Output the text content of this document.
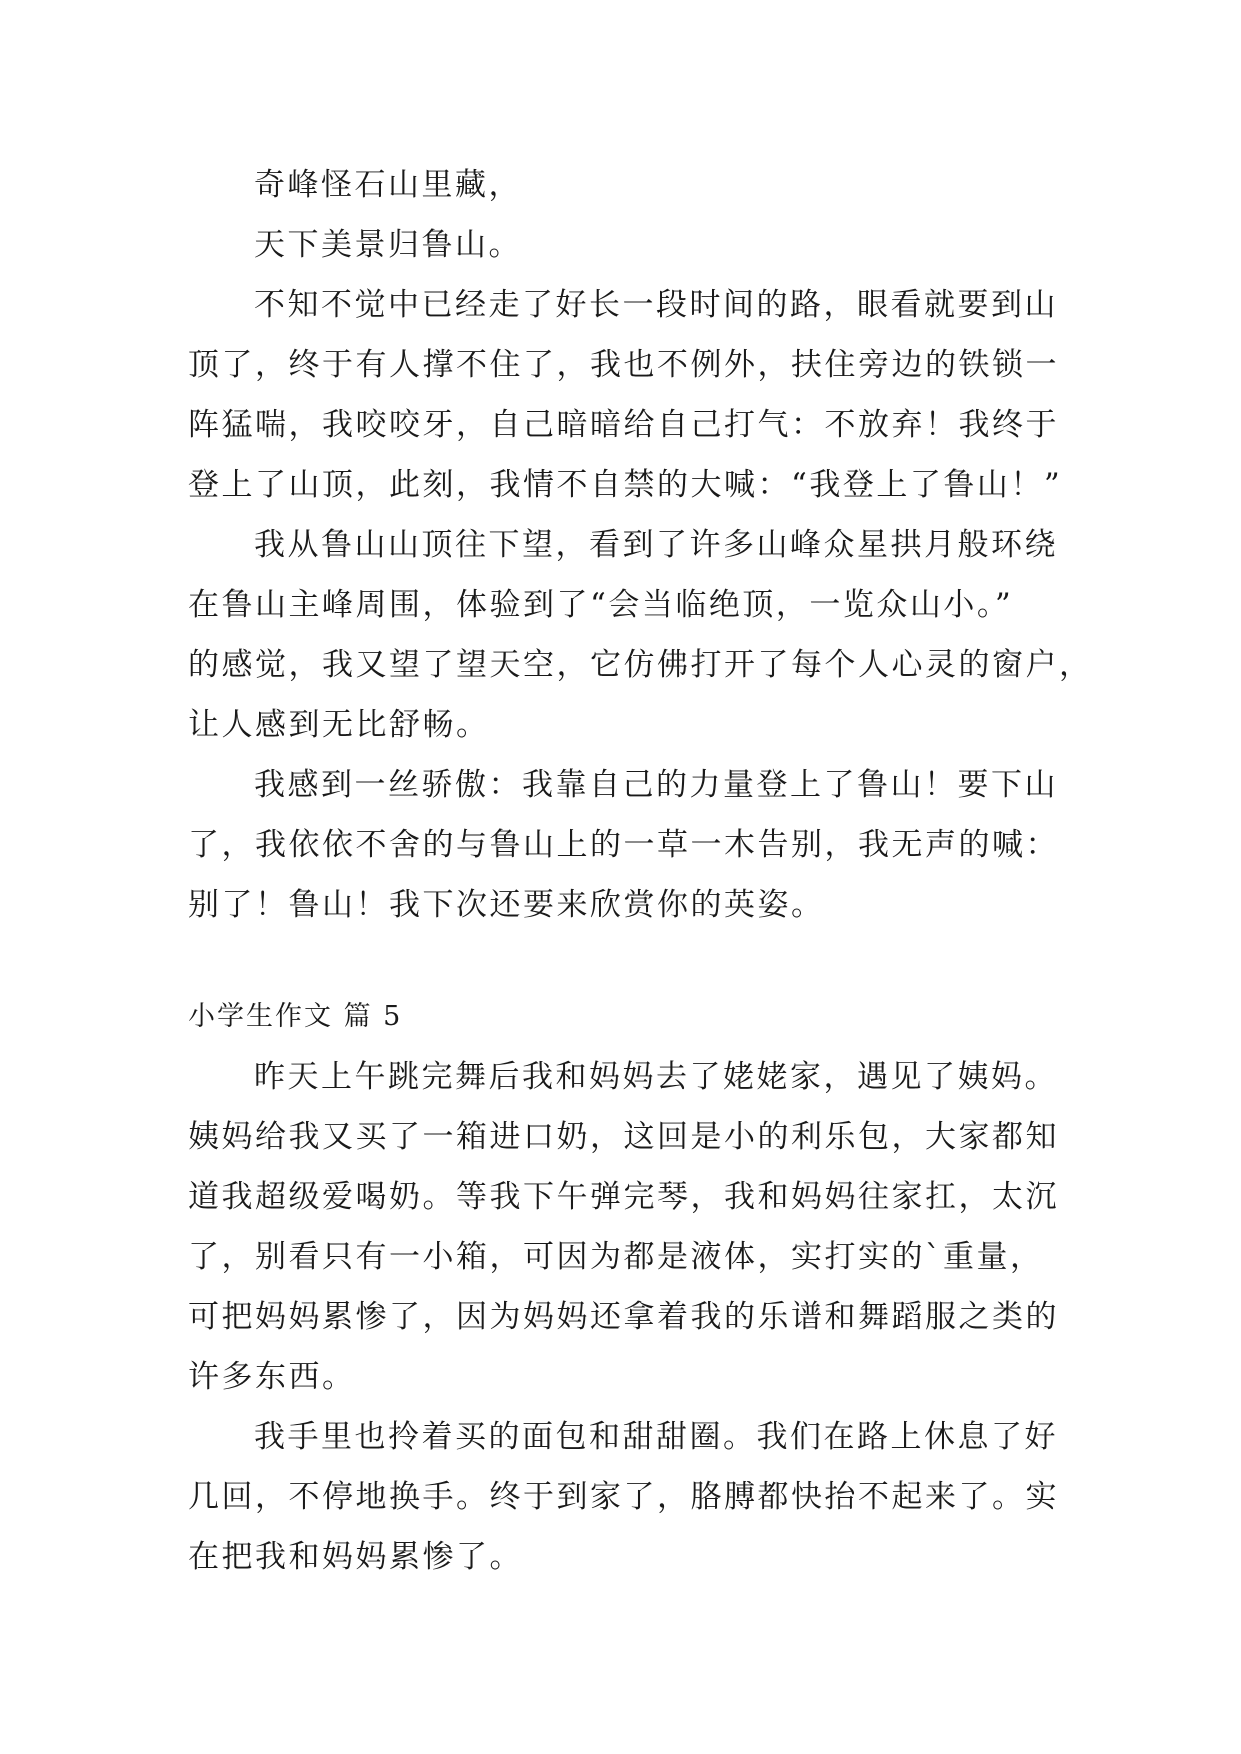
奇峰怪石山里藏，
天下美景归鲁山。
不知不觉中已经走了好长一段时间的路，眼看就要到山
顶了，终于有人撑不住了，我也不例外，扶住旁边的铁锁一
阵猛喘，我咬咬牙，自己暗暗给自己打气：不放弃！我终于
登上了山顶，此刻，我情不自禁的大喊：“我登上了鲁山！”
我从鲁山山顶往下望，看到了许多山峰众星拱月般环绕
在鲁山主峰周围，体验到了“会当临绝顶，一览众山小。”
的感觉，我又望了望天空，它仿佛打开了每个人心灵的窗户，
让人感到无比舒畅。
我感到一丝骄傲：我靠自己的力量登上了鲁山！要下山
了，我依依不舍的与鲁山上的一草一木告别，我无声的喊：
别了！鲁山！我下次还要来欣赏你的英姿。
小学生作文 篇 5
昨天上午跳完舞后我和妈妈去了姥姥家，遇见了姨妈。
姨妈给我又买了一箱进口奶，这回是小的利乐包，大家都知
道我超级爱喝奶。等我下午弹完琴，我和妈妈往家扛，太沉
了，别看只有一小箱，可因为都是液体，实打实的`重量，
可把妈妈累惨了，因为妈妈还拿着我的乐谱和舞蹈服之类的
许多东西。
我手里也拎着买的面包和甜甜圈。我们在路上休息了好
几回，不停地换手。终于到家了，胳膊都快抬不起来了。实
在把我和妈妈累惨了。
